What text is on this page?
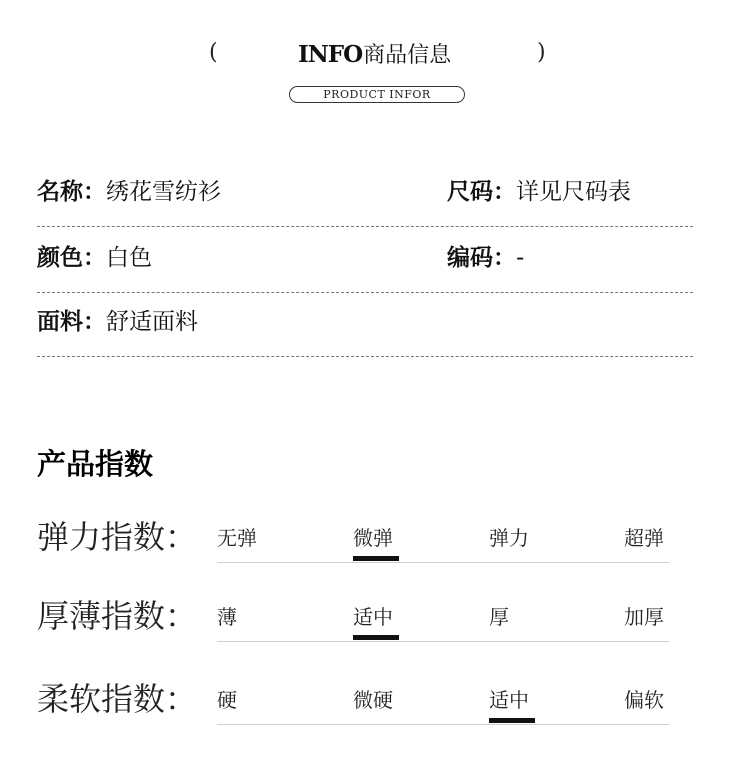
(	INFO商品信息	)
PRODUCT INFOR
名称：绣花雪纺衫	尺码：详见尺码表
颜色：白色	编码：-
面料：舒适面料
产品指数
弹力指数： 无弹	微弹	弹力	超弹
厚薄指数： 薄	适中	厚	加厚
柔软指数： 硬	微硬	适中	偏软
